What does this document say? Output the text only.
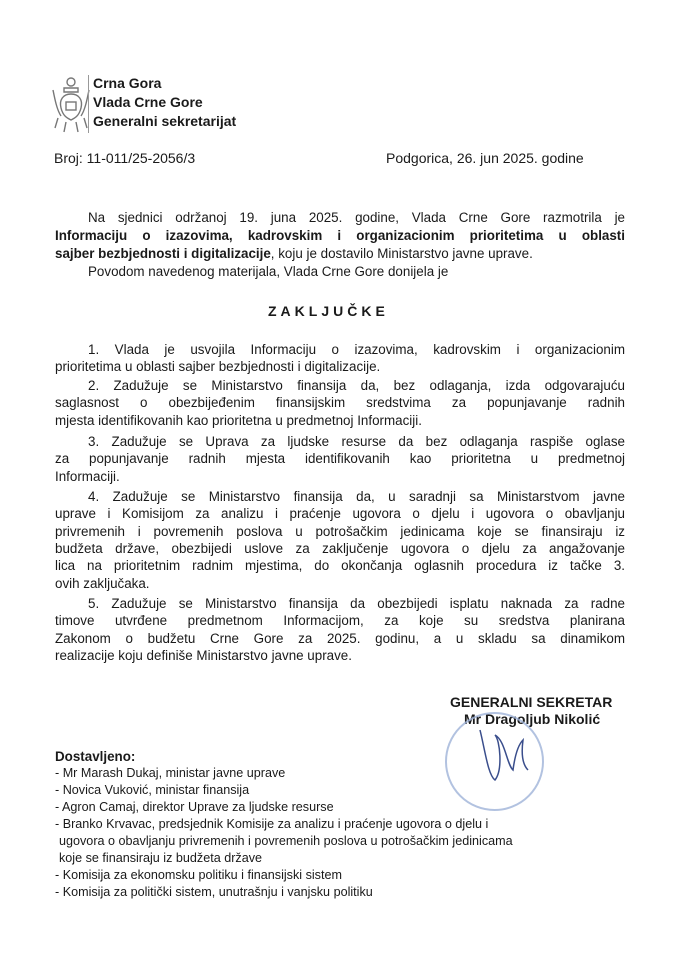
Crna Gora
Vlada Crne Gore
Generalni sekretarijat
Broj: 11-011/25-2056/3	Podgorica, 26. jun 2025. godine
Na sjednici održanoj 19. juna 2025. godine, Vlada Crne Gore razmotrila je
Informaciju o izazovima, kadrovskim i organizacionim prioritetima u oblasti
sajber bezbjednosti i digitalizacije, koju je dostavilo Ministarstvo javne uprave.
Povodom navedenog materijala, Vlada Crne Gore donijela je
ZAKLJUČKE
1. Vlada je usvojila Informaciju o izazovima, kadrovskim i organizacionim
prioritetima u oblasti sajber bezbjednosti i digitalizacije.
2. Zadužuje se Ministarstvo finansija da, bez odlaganja, izda odgovarajuću
saglasnost o obezbijeđenim finansijskim sredstvima za popunjavanje radnih
mjesta identifikovanih kao prioritetna u predmetnoj Informaciji.
3. Zadužuje se Uprava za ljudske resurse da bez odlaganja raspiše oglase
za popunjavanje radnih mjesta identifikovanih kao prioritetna u predmetnoj
Informaciji.
4. Zadužuje se Ministarstvo finansija da, u saradnji sa Ministarstvom javne
uprave i Komisijom za analizu i praćenje ugovora o djelu i ugovora o obavljanju
privremenih i povremenih poslova u potrošačkim jedinicama koje se finansiraju iz
budžeta države, obezbijedi uslove za zaključenje ugovora o djelu za angažovanje
lica na prioritetnim radnim mjestima, do okončanja oglasnih procedura iz tačke 3.
ovih zaključaka.
5. Zadužuje se Ministarstvo finansija da obezbijedi isplatu naknada za radne
timove utvrđene predmetnom Informacijom, za koje su sredstva planirana
Zakonom o budžetu Crne Gore za 2025. godinu, a u skladu sa dinamikom
realizacije koju definiše Ministarstvo javne uprave.
GENERALNI SEKRETAR
Mr Dragoljub Nikolić
Dostavljeno:
- Mr Marash Dukaj, ministar javne uprave
- Novica Vuković, ministar finansija
- Agron Camaj, direktor Uprave za ljudske resurse
- Branko Krvavac, predsjednik Komisije za analizu i praćenje ugovora o djelu i
ugovora o obavljanju privremenih i povremenih poslova u potrošačkim jedinicama
koje se finansiraju iz budžeta države
- Komisija za ekonomsku politiku i finansijski sistem
- Komisija za politički sistem, unutrašnju i vanjsku politiku
